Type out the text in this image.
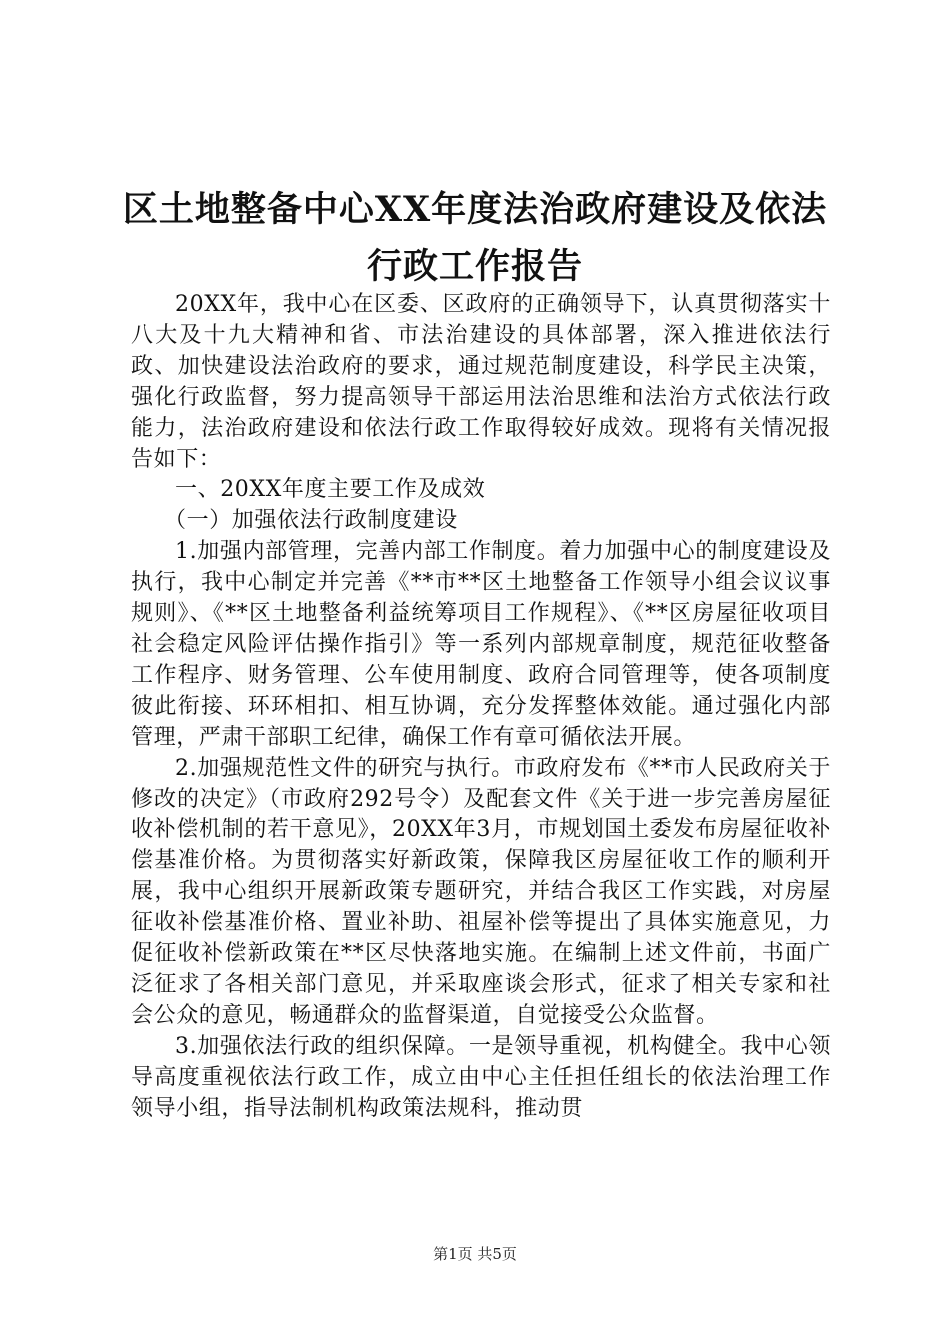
区土地整备中心XX年度法治政府建设及依法
行政工作报告

20XX年，我中心在区委、区政府的正确领导下，认真贯彻落实十八大及十九大精神和省、市法治建设的具体部署，深入推进依法行政、加快建设法治政府的要求，通过规范制度建设，科学民主决策，强化行政监督，努力提高领导干部运用法治思维和法治方式依法行政能力，法治政府建设和依法行政工作取得较好成效。现将有关情况报告如下：

一、20XX年度主要工作及成效

（一）加强依法行政制度建设

1.加强内部管理，完善内部工作制度。着力加强中心的制度建设及执行，我中心制定并完善《**市**区土地整备工作领导小组会议议事规则》、《**区土地整备利益统筹项目工作规程》、《**区房屋征收项目社会稳定风险评估操作指引》等一系列内部规章制度，规范征收整备工作程序、财务管理、公车使用制度、政府合同管理等，使各项制度彼此衔接、环环相扣、相互协调，充分发挥整体效能。通过强化内部管理，严肃干部职工纪律，确保工作有章可循依法开展。

2.加强规范性文件的研究与执行。市政府发布《**市人民政府关于修改的决定》（市政府292号令）及配套文件《关于进一步完善房屋征收补偿机制的若干意见》，20XX年3月，市规划国土委发布房屋征收补偿基准价格。为贯彻落实好新政策，保障我区房屋征收工作的顺利开展，我中心组织开展新政策专题研究，并结合我区工作实践，对房屋征收补偿基准价格、置业补助、祖屋补偿等提出了具体实施意见，力促征收补偿新政策在**区尽快落地实施。在编制上述文件前，书面广泛征求了各相关部门意见，并采取座谈会形式，征求了相关专家和社会公众的意见，畅通群众的监督渠道，自觉接受公众监督。

3.加强依法行政的组织保障。一是领导重视，机构健全。我中心领导高度重视依法行政工作，成立由中心主任担任组长的依法治理工作领导小组，指导法制机构政策法规科，推动贯

第1页 共5页
